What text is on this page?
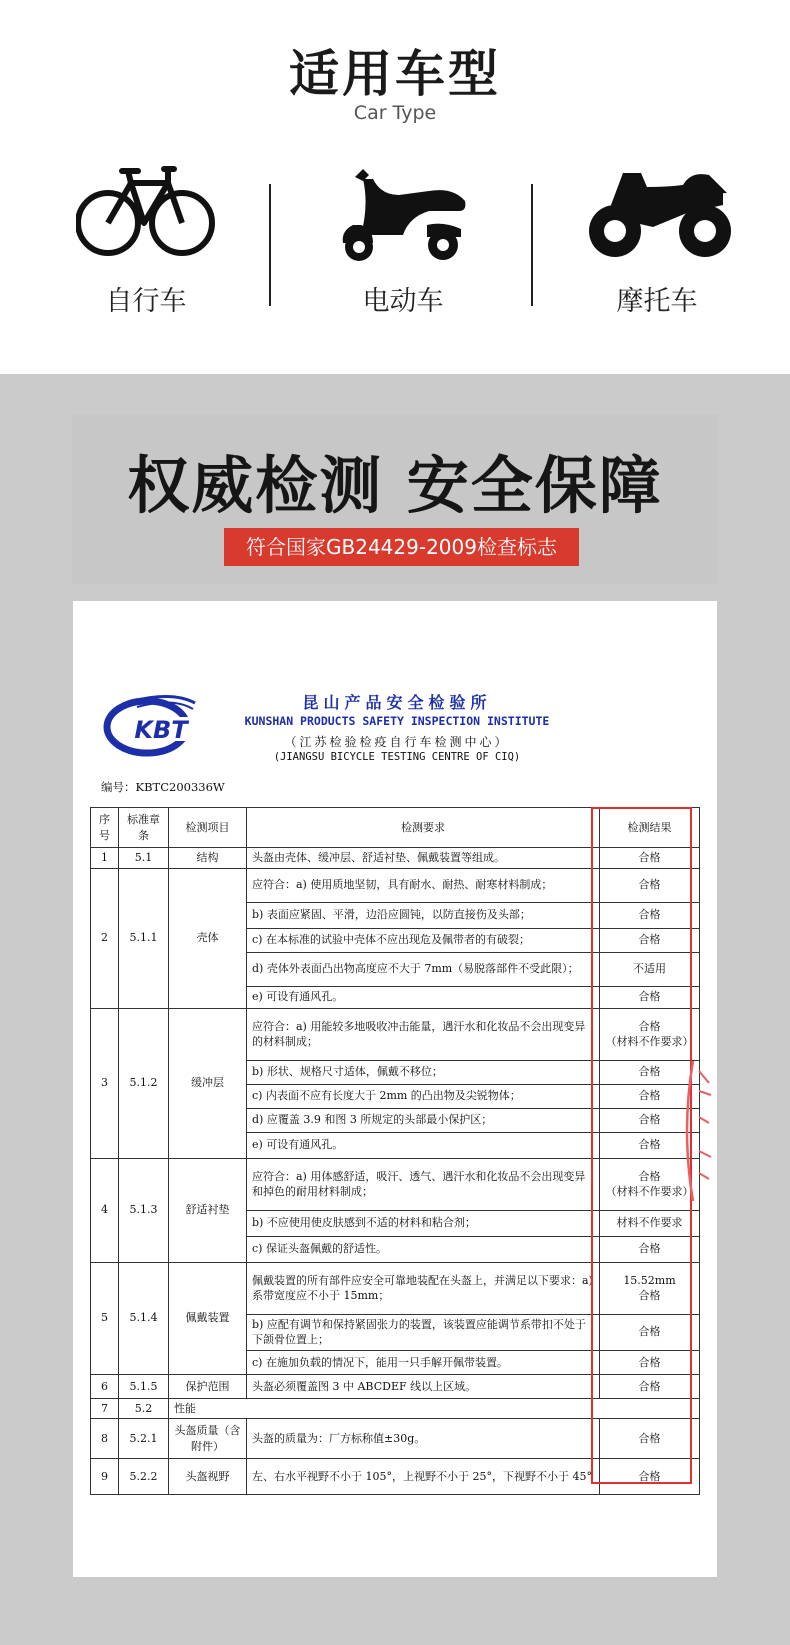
适用车型
Car Type
自行车	电动车	摩托车
权威检测 安全保障
符合国家GB24429-2009检查标志
KBT
昆山产品安全检验所
KUNSHAN PRODUCTS SAFETY INSPECTION INSTITUTE
（江苏检验检疫自行车检测中心）
(JIANGSU BICYCLE TESTING CENTRE OF CIQ)
编号：KBTC200336W
序号	标准章条	检测项目	检测要求	检测结果
1	5.1	结构	头盔由壳体、缓冲层、舒适衬垫、佩戴装置等组成。	合格
2	5.1.1	壳体	应符合：a) 使用质地坚韧，具有耐水、耐热、耐寒材料制成；	合格
			b) 表面应紧固、平滑，边沿应圆钝，以防直接伤及头部；	合格
			c) 在本标准的试验中壳体不应出现危及佩带者的有破裂；	合格
			d) 壳体外表面凸出物高度应不大于 7mm（易脱落部件不受此限）；	不适用
			e) 可设有通风孔。	合格
3	5.1.2	缓冲层	应符合：a) 用能较多地吸收冲击能量，遇汗水和化妆品不会出现变异的材料制成；	合格
（材料不作要求）

			b) 形状、规格尺寸适体，佩戴不移位；	合格
			c) 内表面不应有长度大于 2mm 的凸出物及尖锐物体；	合格
			d) 应覆盖 3.9 和图 3 所规定的头部最小保护区；	合格
			e) 可设有通风孔。	合格
4	5.1.3	舒适衬垫	应符合：a) 用体感舒适，吸汗、透气、遇汗水和化妆品不会出现变异和掉色的耐用材料制成；	合格
（材料不作要求）

			b) 不应使用使皮肤感到不适的材料和粘合剂；	材料不作要求
			c) 保证头盔佩戴的舒适性。	合格
5	5.1.4	佩戴装置	佩戴装置的所有部件应安全可靠地装配在头盔上，并满足以下要求：a) 系带宽度应不小于 15mm；	15.52mm
合格

			b) 应配有调节和保持紧固张力的装置，该装置应能调节系带扣不处于下颌骨位置上；	合格
			c) 在施加负载的情况下，能用一只手解开佩带装置。	合格
6	5.1.5	保护范围	头盔必须覆盖图 3 中 ABCDEF 线以上区域。	合格
7	5.2	性能		
8	5.2.1	头盔质量（含附件）	头盔的质量为：厂方标称值±30g。	合格
9	5.2.2	头盔视野	左、右水平视野不小于 105°，上视野不小于 25°，下视野不小于 45°	合格
